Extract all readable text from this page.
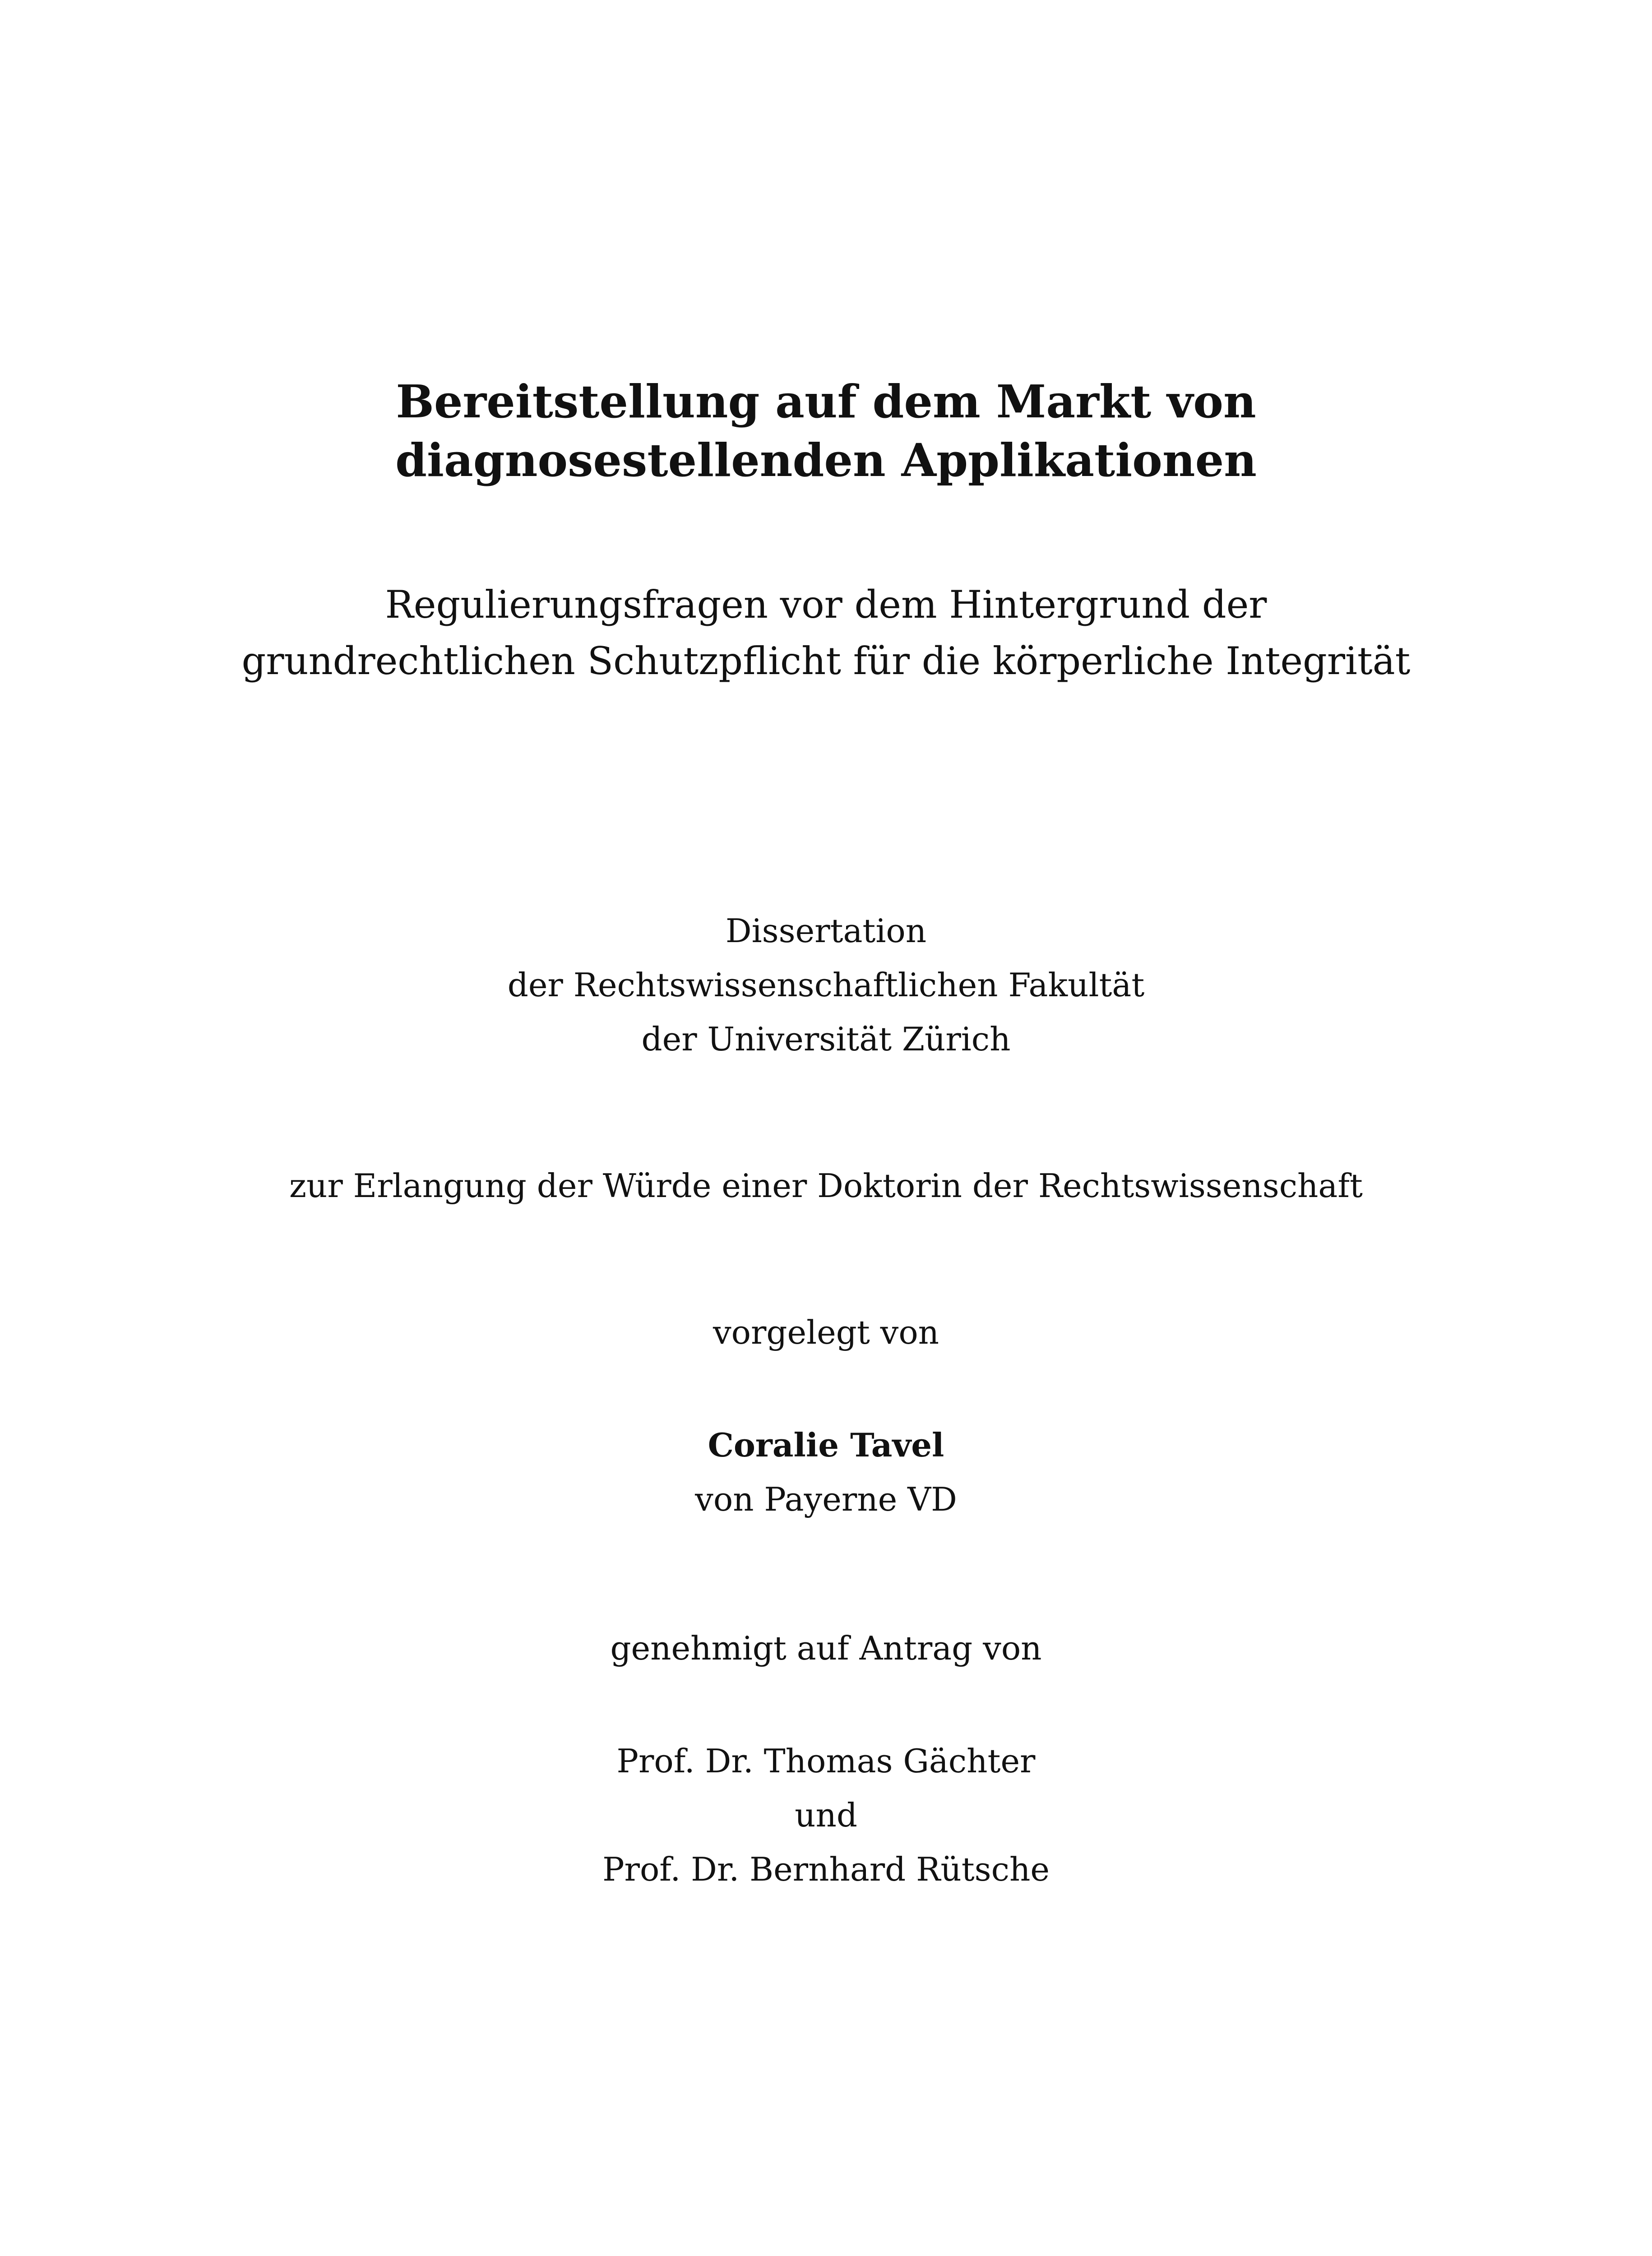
Bereitstellung auf dem Markt von
diagnosestellenden Applikationen
Regulierungsfragen vor dem Hintergrund der
grundrechtlichen Schutzpflicht für die körperliche Integrität
Dissertation
der Rechtswissenschaftlichen Fakultät
der Universität Zürich
zur Erlangung der Würde einer Doktorin der Rechtswissenschaft
vorgelegt von
Coralie Tavel
von Payerne VD
genehmigt auf Antrag von
Prof. Dr. Thomas Gächter
und
Prof. Dr. Bernhard Rütsche
